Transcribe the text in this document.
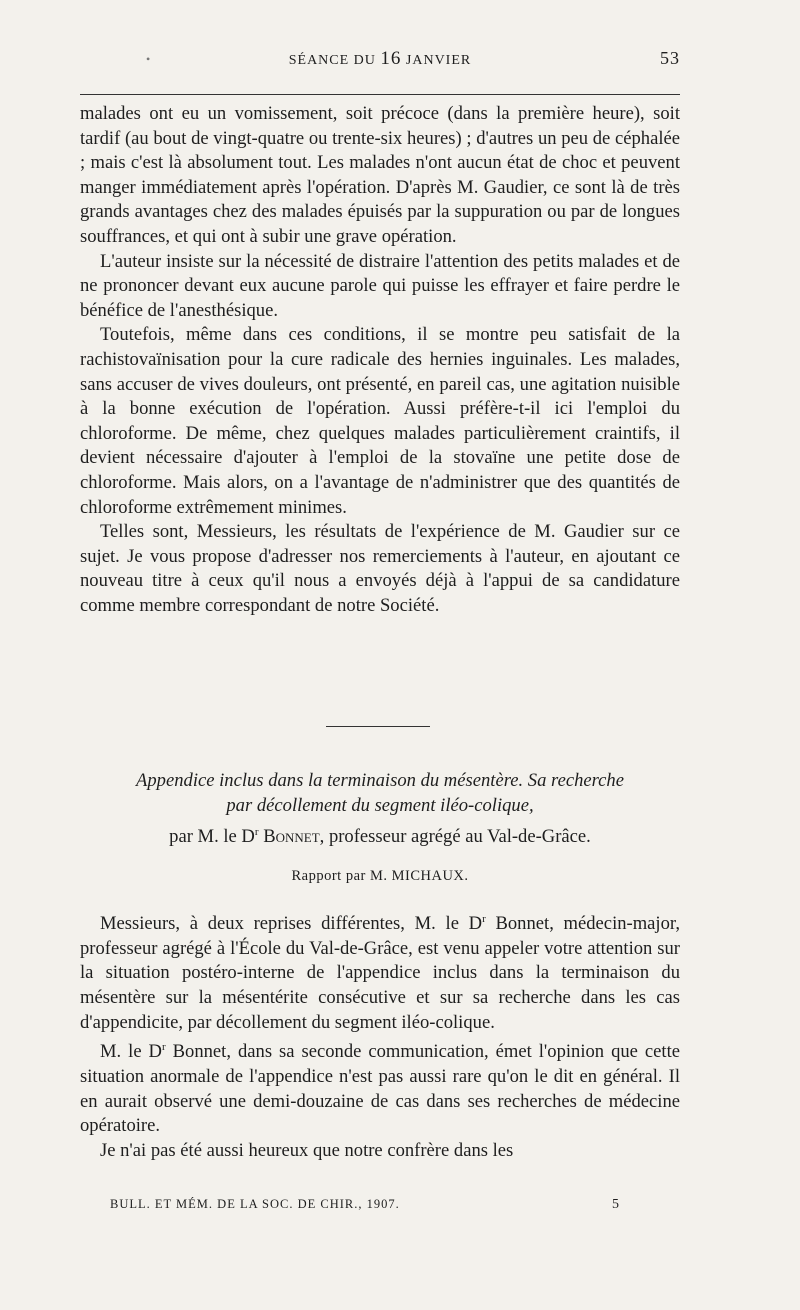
•	SÉANCE DU 16 JANVIER	53

malades ont eu un vomissement, soit précoce (dans la première heure), soit tardif (au bout de vingt-quatre ou trente-six heures) ; d'autres un peu de céphalée ; mais c'est là absolument tout. Les malades n'ont aucun état de choc et peuvent manger immédiatement après l'opération. D'après M. Gaudier, ce sont là de très grands avantages chez des malades épuisés par la suppuration ou par de longues souffrances, et qui ont à subir une grave opération.

L'auteur insiste sur la nécessité de distraire l'attention des petits malades et de ne prononcer devant eux aucune parole qui puisse les effrayer et faire perdre le bénéfice de l'anesthésique.

Toutefois, même dans ces conditions, il se montre peu satisfait de la rachistovaïnisation pour la cure radicale des hernies inguinales. Les malades, sans accuser de vives douleurs, ont présenté, en pareil cas, une agitation nuisible à la bonne exécution de l'opération. Aussi préfère-t-il ici l'emploi du chloroforme. De même, chez quelques malades particulièrement craintifs, il devient nécessaire d'ajouter à l'emploi de la stovaïne une petite dose de chloroforme. Mais alors, on a l'avantage de n'administrer que des quantités de chloroforme extrêmement minimes.

Telles sont, Messieurs, les résultats de l'expérience de M. Gaudier sur ce sujet. Je vous propose d'adresser nos remerciements à l'auteur, en ajoutant ce nouveau titre à ceux qu'il nous a envoyés déjà à l'appui de sa candidature comme membre correspondant de notre Société.

Appendice inclus dans la terminaison du mésentère. Sa recherche
par décollement du segment iléo-colique,
par M. le $D^r$ Bonnet, professeur agrégé au Val-de-Grâce.
Rapport par M. MICHAUX.

Messieurs, à deux reprises différentes, M. le $D^r$ Bonnet, médecin-major, professeur agrégé à l'École du Val-de-Grâce, est venu appeler votre attention sur la situation postéro-interne de l'appendice inclus dans la terminaison du mésentère sur la mésentérite consécutive et sur sa recherche dans les cas d'appendicite, par décollement du segment iléo-colique.

M. le $D^r$ Bonnet, dans sa seconde communication, émet l'opinion que cette situation anormale de l'appendice n'est pas aussi rare qu'on le dit en général. Il en aurait observé une demi-douzaine de cas dans ses recherches de médecine opératoire.

Je n'ai pas été aussi heureux que notre confrère dans les

BULL. ET MÉM. DE LA SOC. DE CHIR., 1907.	5
